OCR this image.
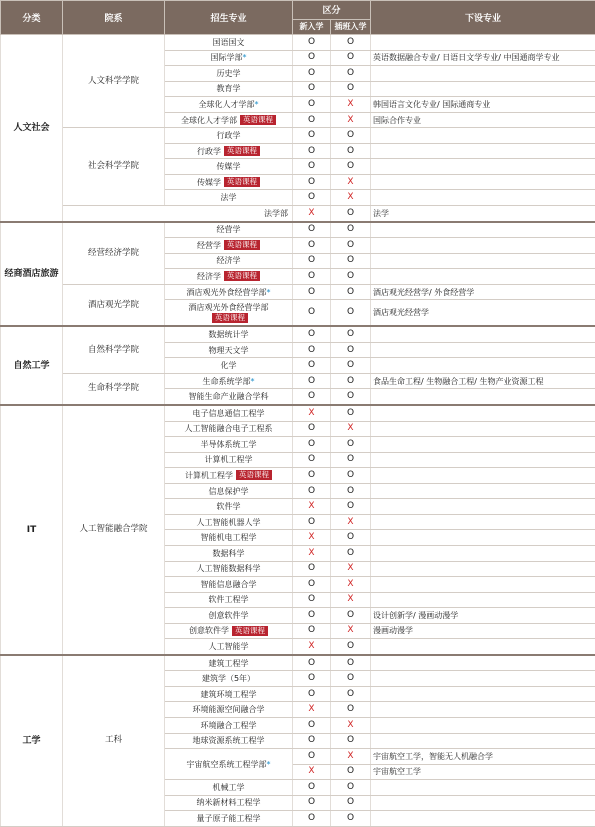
分类	院系	招生专业	区分		下设专业
			新入学	插班入学	
人文社会	人文科学学院	国语国文	O	O	
		国际学部*	O	O	英语数据融合专业/ 日语日文学专业/ 中国通商学专业
		历史学	O	O	
		教育学	O	O	
		全球化人才学部*	O	X	韩国语言文化专业/ 国际通商专业
		全球化人才学部 英语课程	O	X	国际合作专业
	社会科学学院	行政学	O	O	
		行政学 英语课程	O	O	
		传媒学	O	O	
		传媒学 英语课程	O	X	
		法学	O	X	
	法学部		X	O	法学
经商酒店旅游	经营经济学院	经营学	O	O	
		经营学 英语课程	O	O	
		经济学	O	O	
		经济学 英语课程	O	O	
	酒店观光学院	酒店观光外食经营学部*	O	O	酒店观光经营学/ 外食经营学
		酒店观光外食经营学部
英语课程	O	O	酒店观光经营学
自然工学	自然科学学院	数据统计学	O	O	
		物理天文学	O	O	
		化学	O	O	
	生命科学学院	生命系统学部*	O	O	食品生命工程/ 生物融合工程/ 生物产业资源工程
		智能生命产业融合学科	O	O	
IT	人工智能融合学院	电子信息通信工程学	X	O	
		人工智能融合电子工程系	O	X	
		半导体系统工学	O	O	
		计算机工程学	O	O	
		计算机工程学 英语课程	O	O	
		信息保护学	O	O	
		软件学	X	O	
		人工智能机器人学	O	X	
		智能机电工程学	X	O	
		数据科学	X	O	
		人工智能数据科学	O	X	
		智能信息融合学	O	X	
		软件工程学	O	X	
		创意软件学	O	O	设计创新学/ 漫画动漫学
		创意软件学 英语课程	O	X	漫画动漫学
		人工智能学	X	O	
工学	工科	建筑工程学	O	O	
		建筑学（5年）	O	O	
		建筑环境工程学	O	O	
		环境能源空间融合学	X	O	
		环境融合工程学	O	X	
		地球资源系统工程学	O	O	
		宇宙航空系统工程学部*	O	X	宇宙航空工学，智能无人机融合学
			X	O	宇宙航空工学
		机械工学	O	O	
		纳米新材料工程学	O	O	
		量子原子能工程学	O	O	
